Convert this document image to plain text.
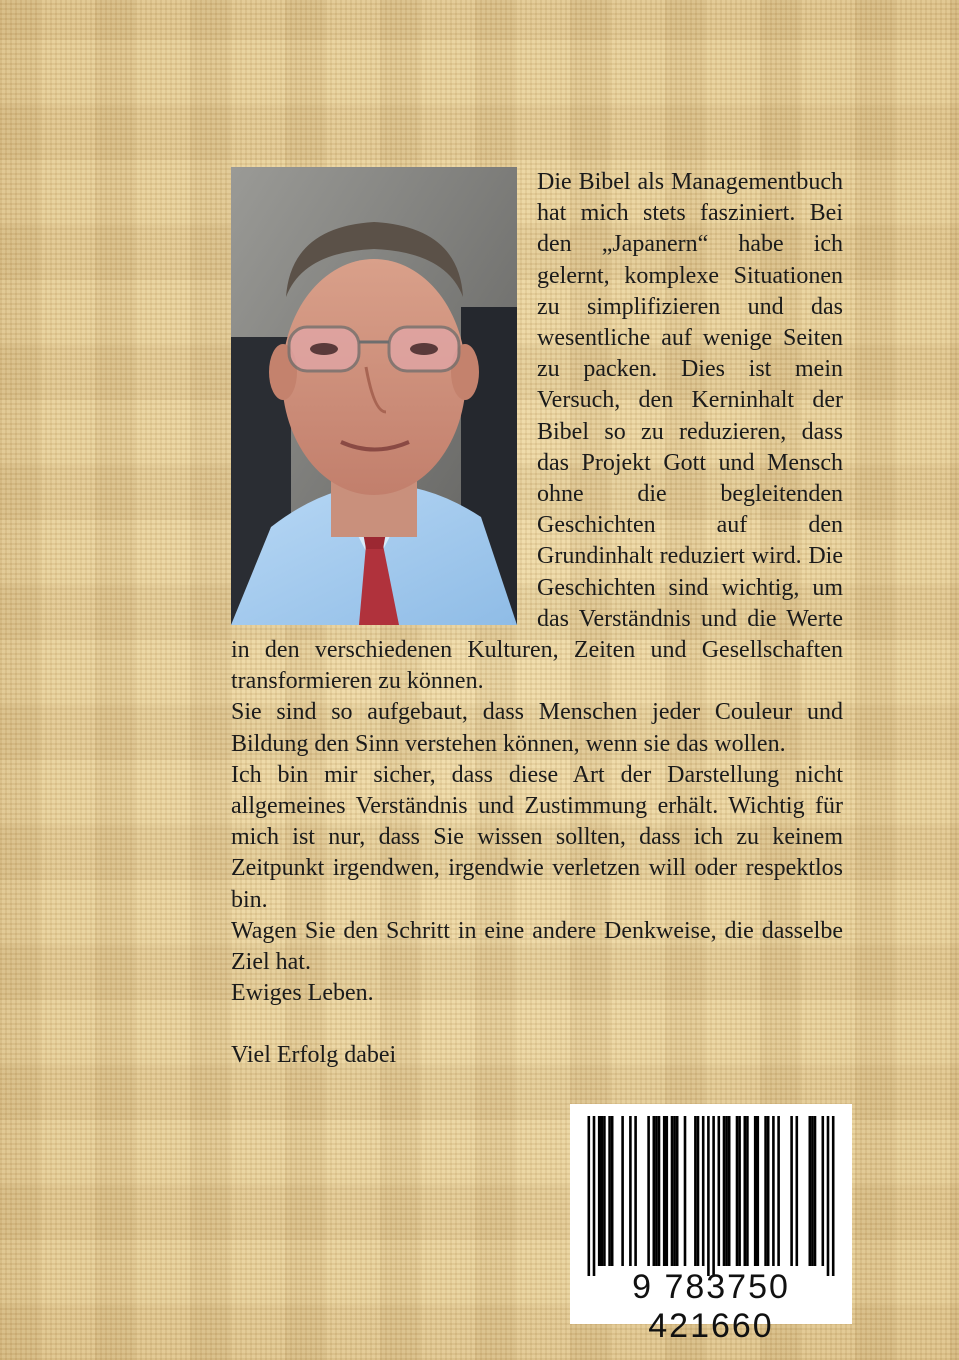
Die Bibel als Managementbuch hat mich stets fasziniert. Bei den „Japanern“ habe ich gelernt, komplexe Situationen zu simplifizieren und das wesentliche auf wenige Seiten zu packen. Dies ist mein Versuch, den Kerninhalt der Bibel so zu reduzieren, dass das Projekt Gott und Mensch ohne die begleitenden Geschichten auf den Grundinhalt reduziert wird. Die Geschichten sind wichtig, um das Verständnis und die Werte in den verschiedenen Kulturen, Zeiten und Gesellschaften transformieren zu können.

Sie sind so aufgebaut, dass Menschen jeder Couleur und Bildung den Sinn verstehen können, wenn sie das wollen.

Ich bin mir sicher, dass diese Art der Darstellung nicht allgemeines Verständnis und Zustimmung erhält. Wichtig für mich ist nur, dass Sie wissen sollten, dass ich zu keinem Zeitpunkt irgendwen, irgendwie verletzen will oder respektlos bin.

Wagen Sie den Schritt in eine andere Denkweise, die dasselbe Ziel hat.

Ewiges Leben.

Viel Erfolg dabei

9 783750 421660
